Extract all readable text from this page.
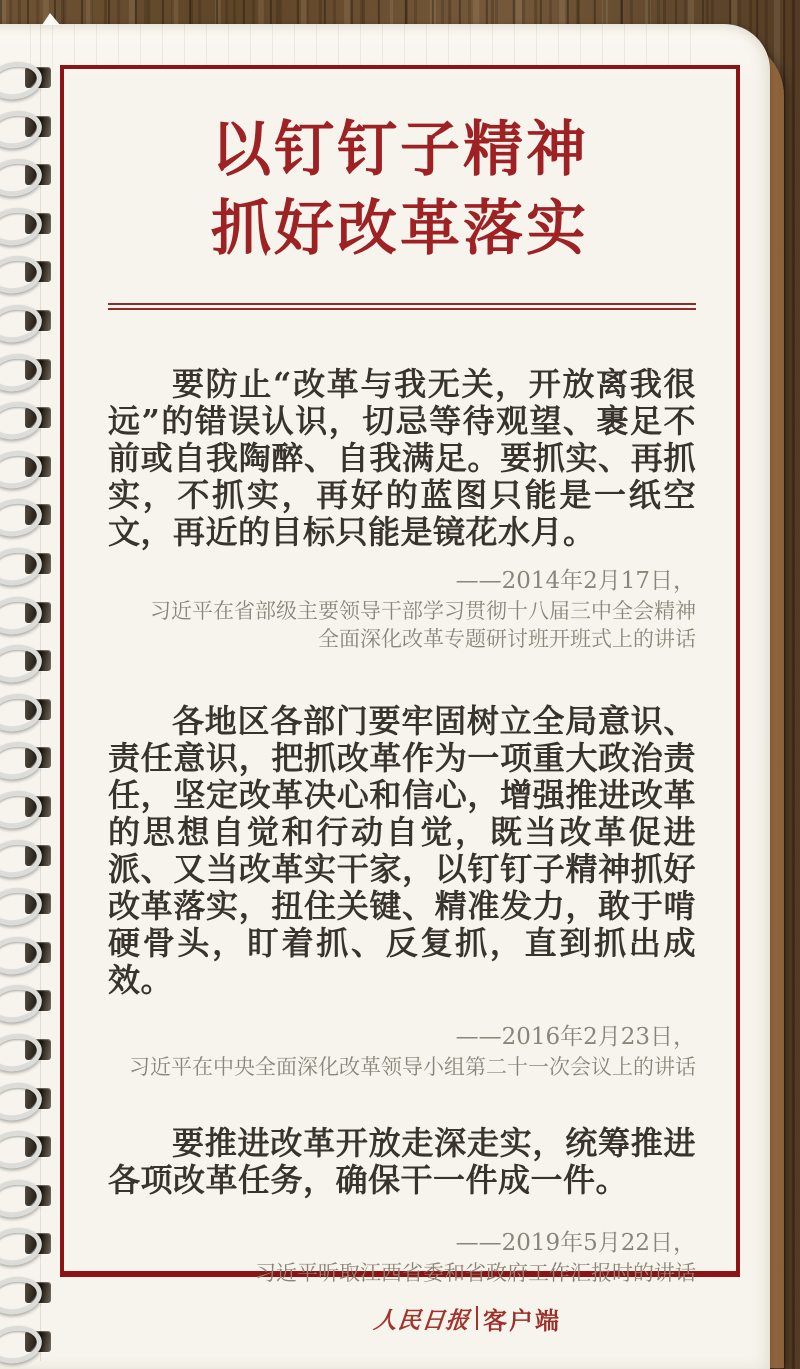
以钉钉子精神
抓好改革落实
要防止“改革与我无关，开放离我很远”的错误认识，切忌等待观望、裹足不前或自我陶醉、自我满足。要抓实、再抓实，不抓实，再好的蓝图只能是一纸空文，再近的目标只能是镜花水月。
——2014年2月17日，
习近平在省部级主要领导干部学习贯彻十八届三中全会精神
全面深化改革专题研讨班开班式上的讲话
各地区各部门要牢固树立全局意识、责任意识，把抓改革作为一项重大政治责任，坚定改革决心和信心，增强推进改革的思想自觉和行动自觉，既当改革促进派、又当改革实干家，以钉钉子精神抓好改革落实，扭住关键、精准发力，敢于啃硬骨头，盯着抓、反复抓，直到抓出成效。
——2016年2月23日，
习近平在中央全面深化改革领导小组第二十一次会议上的讲话
要推进改革开放走深走实，统筹推进各项改革任务，确保干一件成一件。
——2019年5月22日，
习近平听取江西省委和省政府工作汇报时的讲话
人民日报 客户端
